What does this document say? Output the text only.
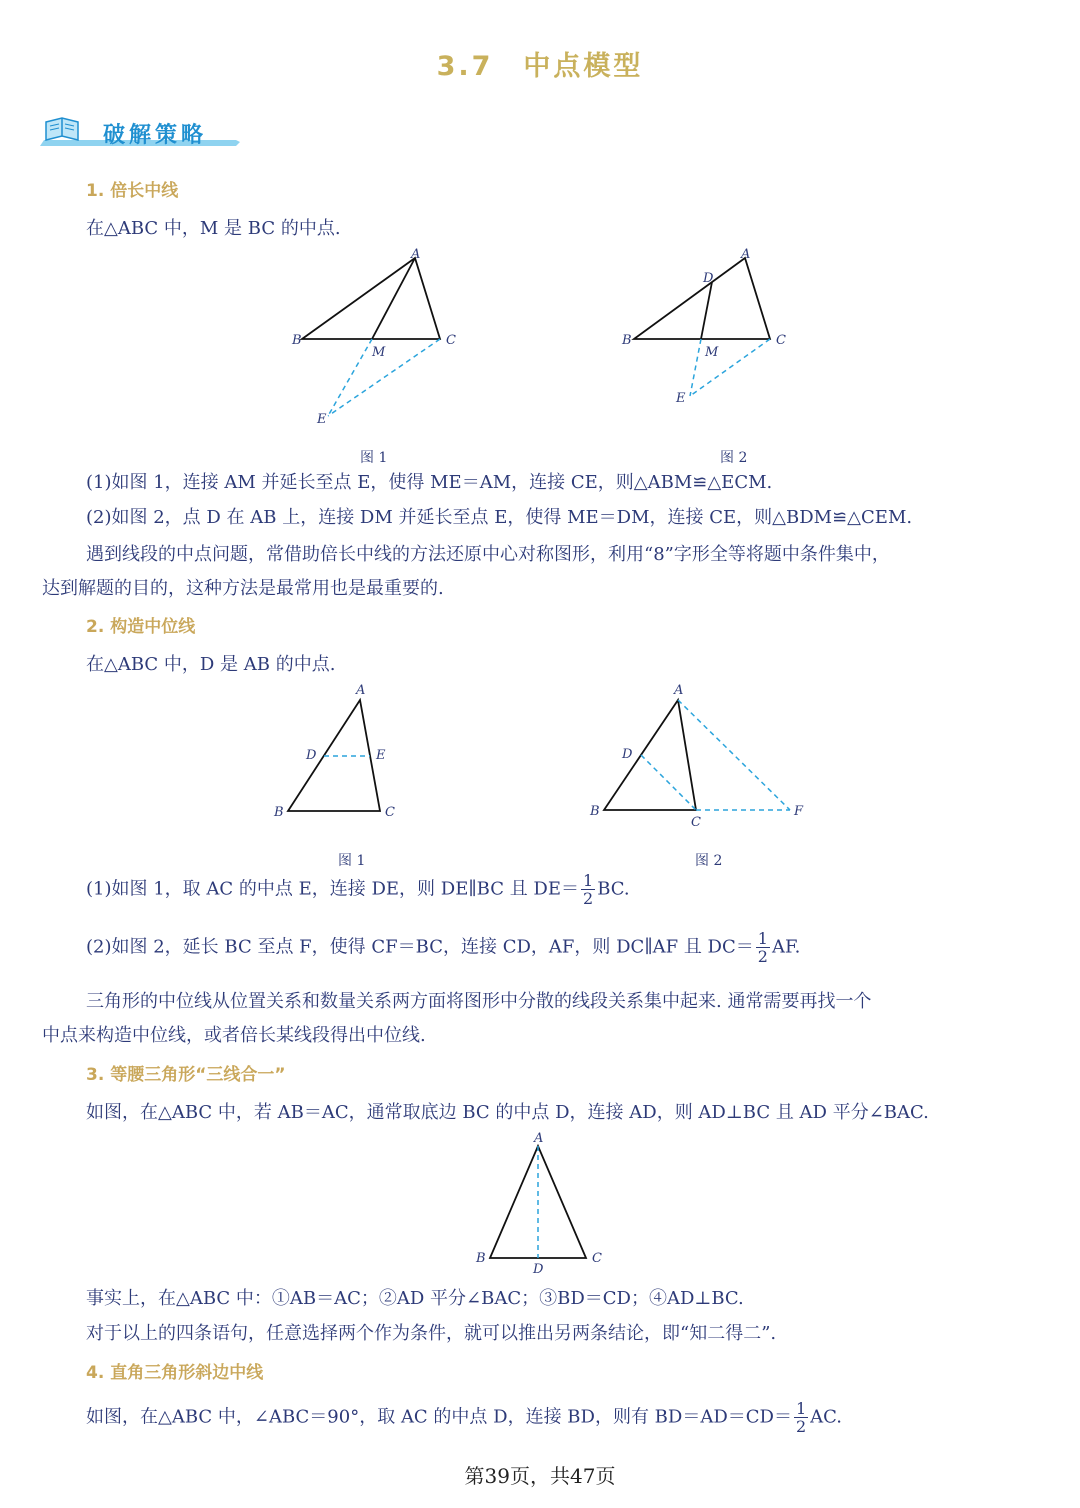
3.7　中点模型
破解策略
1. 倍长中线
在△ABC 中，M 是 BC 的中点.
A
B	C
M
E
图 1
A
B	C
D
M
E
图 2
(1)如图 1，连接 AM 并延长至点 E，使得 ME＝AM，连接 CE，则△ABM≌△ECM.
(2)如图 2，点 D 在 AB 上，连接 DM 并延长至点 E，使得 ME＝DM，连接 CE，则△BDM≌△CEM.
遇到线段的中点问题，常借助倍长中线的方法还原中心对称图形，利用“8”字形全等将题中条件集中，
达到解题的目的，这种方法是最常用也是最重要的.
2. 构造中位线
在△ABC 中，D 是 AB 的中点.
A
B	C
D	E
图 1
A
B
C
D
F
图 2
(1)如图 1，取 AC 的中点 E，连接 DE，则 DE∥BC 且 $DE= \frac{1}{2}$ BC.
(2)如图 2，延长 BC 至点 F，使得 CF＝BC，连接 CD，AF，则 DC∥AF 且 $DC= \frac{1}{2}$ AF.
三角形的中位线从位置关系和数量关系两方面将图形中分散的线段关系集中起来. 通常需要再找一个
中点来构造中位线，或者倍长某线段得出中位线.
3. 等腰三角形“三线合一”
如图，在△ABC 中，若 AB＝AC，通常取底边 BC 的中点 D，连接 AD，则 AD⊥BC 且 AD 平分∠BAC.
A
B	C
D
事实上，在△ABC 中：①AB＝AC；②AD 平分∠BAC；③BD＝CD；④AD⊥BC.
对于以上的四条语句，任意选择两个作为条件，就可以推出另两条结论，即“知二得二”.
4. 直角三角形斜边中线
如图，在△ABC 中，∠ABC＝90°，取 AC 的中点 D，连接 BD，则有 $BD=AD=CD= \frac{1}{2}$ AC.
第39页，共47页
